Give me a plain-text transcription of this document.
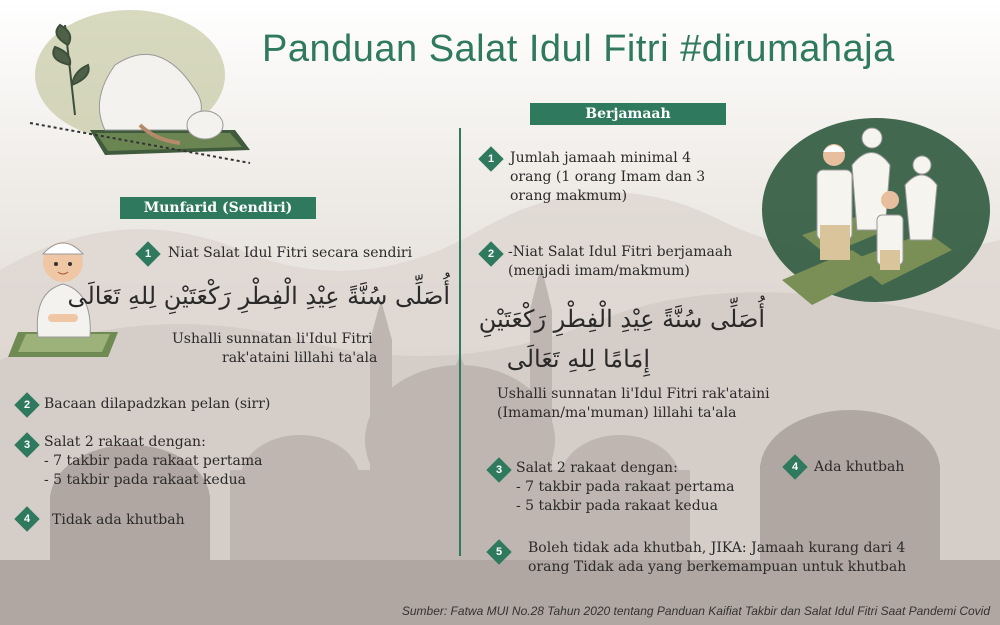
Panduan Salat Idul Fitri #dirumahaja
Munfarid (Sendiri)
1	Niat Salat Idul Fitri secara sendiri
أُصَلِّى سُنَّةً عِيْدِ الْفِطْرِ رَكْعَتَيْنِ لِلهِ تَعَالَى
Ushalli sunnatan li'Idul Fitri
rak'ataini lillahi ta'ala
2 Bacaan dilapadzkan pelan (sirr)
3 Salat 2 rakaat dengan:
- 7 takbir pada rakaat pertama
- 5 takbir pada rakaat kedua
4	Tidak ada khutbah
Berjamaah
1	Jumlah jamaah minimal 4
orang (1 orang Imam dan 3
orang makmum)
2 -Niat Salat Idul Fitri berjamaah
(menjadi imam/makmum)
أُصَلِّى سُنَّةً عِيْدِ الْفِطْرِ رَكْعَتَيْنِ
إِمَامًا لِلهِ تَعَالَى
Ushalli sunnatan li'Idul Fitri rak'ataini
(Imaman/ma'muman) lillahi ta'ala
3 Salat 2 rakaat dengan:
- 7 takbir pada rakaat pertama
- 5 takbir pada rakaat kedua
4	Ada khutbah
5	Boleh tidak ada khutbah, JIKA: Jamaah kurang dari 4
orang Tidak ada yang berkemampuan untuk khutbah
Sumber: Fatwa MUI No.28 Tahun 2020 tentang Panduan Kaifiat Takbir dan Salat Idul Fitri Saat Pandemi Covid
